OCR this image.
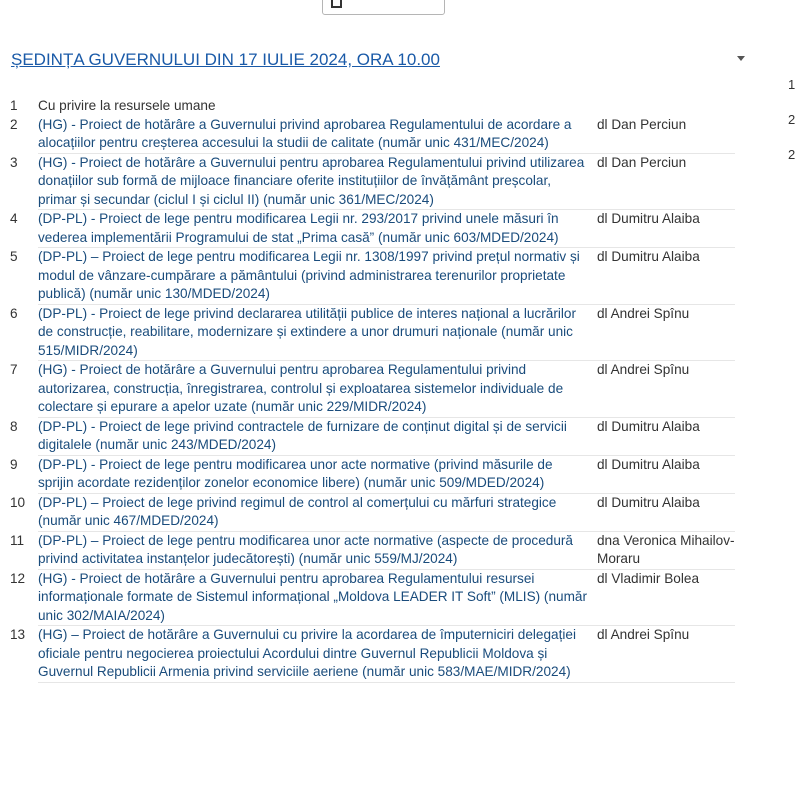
ȘEDINȚA GUVERNULUI DIN 17 IULIE 2024, ORA 10.00
1
2
2
1	Cu privire la resursele umane
2	(HG) - Proiect de hotărâre a Guvernului privind aprobarea Regulamentului de acordare a alocațiilor pentru creșterea accesului la studii de calitate (număr unic 431/MEC/2024)
dl Dan Perciun
3	(HG) - Proiect de hotărâre a Guvernului pentru aprobarea Regulamentului privind utilizarea donațiilor sub formă de mijloace financiare oferite instituțiilor de învățământ preșcolar, primar și secundar (ciclul I și ciclul II) (număr unic 361/MEC/2024)
dl Dan Perciun
4	(DP-PL) - Proiect de lege pentru modificarea Legii nr. 293/2017 privind unele măsuri în vederea implementării Programului de stat „Prima casă” (număr unic 603/MDED/2024)
dl Dumitru Alaiba
5	(DP-PL) – Proiect de lege pentru modificarea Legii nr. 1308/1997 privind prețul normativ și modul de vânzare-cumpărare a pământului (privind administrarea terenurilor proprietate publică) (număr unic 130/MDED/2024)
dl Dumitru Alaiba
6	(DP-PL) - Proiect de lege privind declararea utilității publice de interes național a lucrărilor de construcție, reabilitare, modernizare și extindere a unor drumuri naționale (număr unic 515/MIDR/2024)
dl Andrei Spînu
7	(HG) - Proiect de hotărâre a Guvernului pentru aprobarea Regulamentului privind autorizarea, construcția, înregistrarea, controlul și exploatarea sistemelor individuale de colectare și epurare a apelor uzate (număr unic 229/MIDR/2024)
dl Andrei Spînu
8	(DP-PL) - Proiect de lege privind contractele de furnizare de conținut digital și de servicii digitalele (număr unic 243/MDED/2024)
dl Dumitru Alaiba
9	(DP-PL) - Proiect de lege pentru modificarea unor acte normative (privind măsurile de sprijin acordate rezidenților zonelor economice libere) (număr unic 509/MDED/2024)
dl Dumitru Alaiba
10 (DP-PL) – Proiect de lege privind regimul de control al comerțului cu mărfuri strategice (număr unic 467/MDED/2024)
dl Dumitru Alaiba
11	(DP-PL) – Proiect de lege pentru modificarea unor acte normative (aspecte de procedură privind activitatea instanțelor judecătorești) (număr unic 559/MJ/2024)
dna Veronica Mihailov-Moraru
12 (HG) - Proiect de hotărâre a Guvernului pentru aprobarea Regulamentului resursei informaționale formate de Sistemul informațional „Moldova LEADER IT Soft” (MLIS) (număr unic 302/MAIA/2024)
dl Vladimir Bolea
13 (HG) – Proiect de hotărâre a Guvernului cu privire la acordarea de împuterniciri delegației oficiale pentru negocierea proiectului Acordului dintre Guvernul Republicii Moldova și Guvernul Republicii Armenia privind serviciile aeriene (număr unic 583/MAE/MIDR/2024)
dl Andrei Spînu
